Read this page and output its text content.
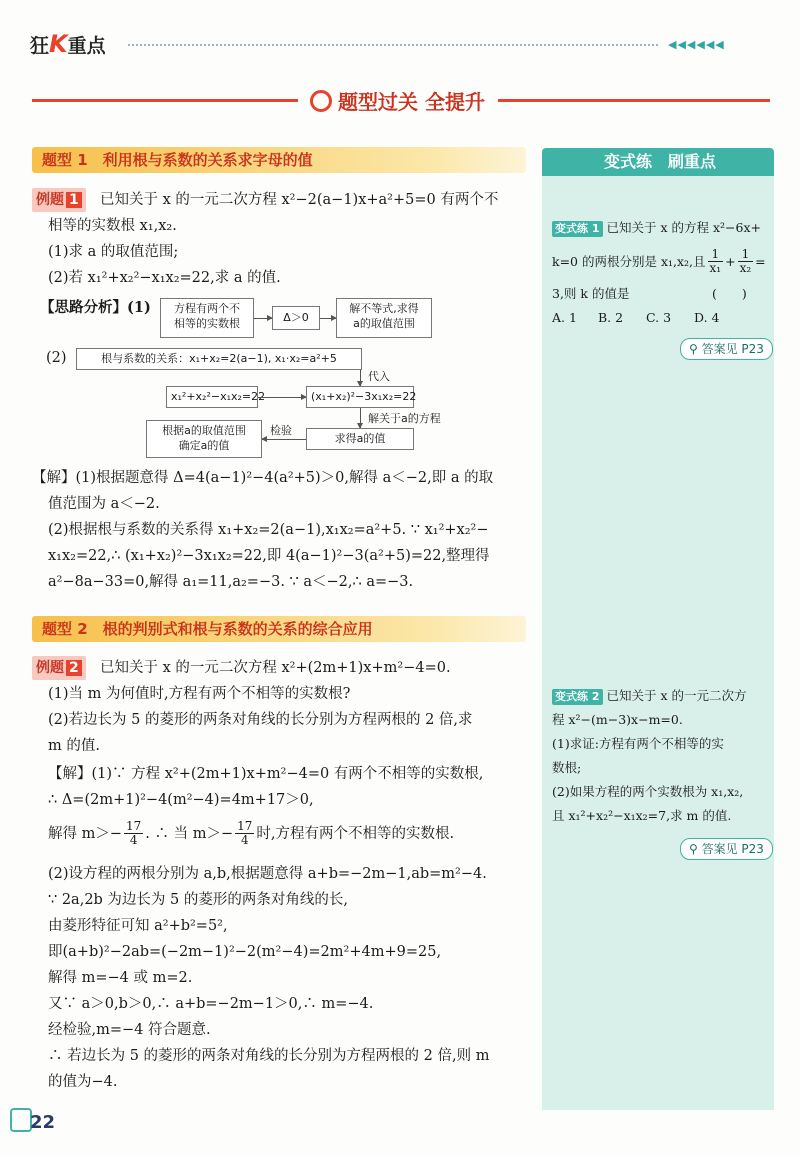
狂K重点	◀◀◀◀◀◀
题型过关 全提升
题型 1　利用根与系数的关系求字母的值
例题 1	已知关于 x 的一元二次方程 x²−2(a−1)x+a²+5=0 有两个不
相等的实数根 x₁,x₂.
(1)求 a 的取值范围;
(2)若 x₁²+x₂²−x₁x₂=22,求 a 的值.
【思路分析】(1)	方程有两个不
相等的实数根	Δ＞0
解不等式,求得
a的取值范围
(2)	根与系数的关系：x₁+x₂=2(a−1), x₁·x₂=a²+5
代入
x₁²+x₂²−x₁x₂=22	(x₁+x₂)²−3x₁x₂=22
解关于a的方程
求得a的值
检验
根据a的取值范围
确定a的值
【解】(1)根据题意得 Δ=4(a−1)²−4(a²+5)＞0,解得 a＜−2,即 a 的取
值范围为 a＜−2.
(2)根据根与系数的关系得 x₁+x₂=2(a−1),x₁x₂=a²+5. ∵ x₁²+x₂²−
x₁x₂=22,∴ (x₁+x₂)²−3x₁x₂=22,即 4(a−1)²−3(a²+5)=22,整理得
a²−8a−33=0,解得 a₁=11,a₂=−3. ∵ a＜−2,∴ a=−3.
题型 2　根的判别式和根与系数的关系的综合应用
例题 2	已知关于 x 的一元二次方程 x²+(2m+1)x+m²−4=0.
(1)当 m 为何值时,方程有两个不相等的实数根?
(2)若边长为 5 的菱形的两条对角线的长分别为方程两根的 2 倍,求
m 的值.
【解】(1)∵ 方程 x²+(2m+1)x+m²−4=0 有两个不相等的实数根,
∴ Δ=(2m+1)²−4(m²−4)=4m+17＞0,
解得 $m>- \frac{17}{4}$ . ∴ 当 $m>- \frac{17}{4}$ 时,方程有两个不相等的实数根.
(2)设方程的两根分别为 a,b,根据题意得 a+b=−2m−1,ab=m²−4.
∵ 2a,2b 为边长为 5 的菱形的两条对角线的长,
由菱形特征可知 a²+b²=5²,
即(a+b)²−2ab=(−2m−1)²−2(m²−4)=2m²+4m+9=25,
解得 m=−4 或 m=2.
又∵ a＞0,b＞0,∴ a+b=−2m−1＞0,∴ m=−4.
经检验,m=−4 符合题意.
∴ 若边长为 5 的菱形的两条对角线的长分别为方程两根的 2 倍,则 m
的值为−4.
变式练　刷重点
变式练 1 已知关于 x 的方程 x²−6x+
k=0 的两根分别是 x₁,x₂,且 $\frac{1}{\text{x₁}} + \frac{1}{\text{x₂}}$ =
3,则 k 的值是	(　　)
A. 1 B. 2 C. 3 D. 4
⚲ 答案见 P23
变式练 2 已知关于 x 的一元二次方
程 x²−(m−3)x−m=0.
(1)求证:方程有两个不相等的实
数根;
(2)如果方程的两个实数根为 x₁,x₂,
且 x₁²+x₂²−x₁x₂=7,求 m 的值.
⚲ 答案见 P23
22
